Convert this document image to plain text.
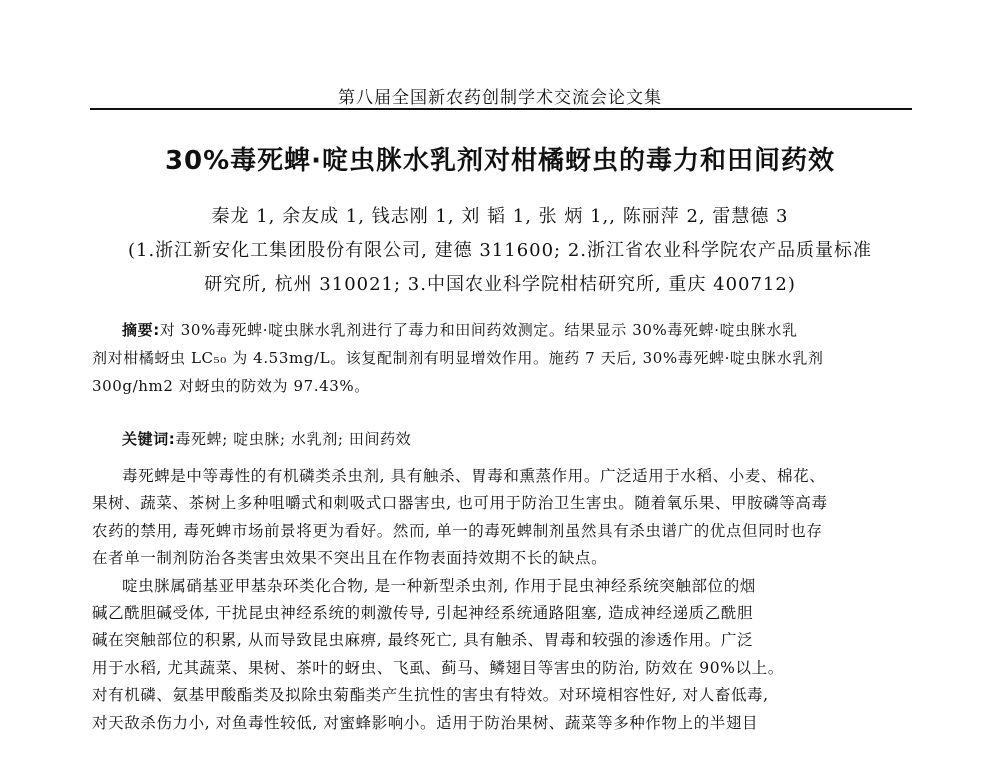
第八届全国新农药创制学术交流会论文集
30%毒死蜱·啶虫脒水乳剂对柑橘蚜虫的毒力和田间药效
秦龙 1, 余友成 1, 钱志刚 1, 刘 韬 1, 张 炳 1,, 陈丽萍 2, 雷慧德 3
(1.浙江新安化工集团股份有限公司, 建德 311600; 2.浙江省农业科学院农产品质量标准
研究所, 杭州 310021; 3.中国农业科学院柑桔研究所, 重庆 400712)
摘要:对 30%毒死蜱·啶虫脒水乳剂进行了毒力和田间药效测定。结果显示 30%毒死蜱·啶虫脒水乳
剂对柑橘蚜虫 LC₅₀ 为 4.53mg/L。该复配制剂有明显增效作用。施药 7 天后, 30%毒死蜱·啶虫脒水乳剂
300g/hm2 对蚜虫的防效为 97.43%。
关键词:毒死蜱; 啶虫脒; 水乳剂; 田间药效
毒死蜱是中等毒性的有机磷类杀虫剂, 具有触杀、胃毒和熏蒸作用。广泛适用于水稻、小麦、棉花、
果树、蔬菜、茶树上多种咀嚼式和刺吸式口器害虫, 也可用于防治卫生害虫。随着氧乐果、甲胺磷等高毒
农药的禁用, 毒死蜱市场前景将更为看好。然而, 单一的毒死蜱制剂虽然具有杀虫谱广的优点但同时也存
在者单一制剂防治各类害虫效果不突出且在作物表面持效期不长的缺点。
啶虫脒属硝基亚甲基杂环类化合物, 是一种新型杀虫剂, 作用于昆虫神经系统突触部位的烟
碱乙酰胆碱受体, 干扰昆虫神经系统的刺激传导, 引起神经系统通路阻塞, 造成神经递质乙酰胆
碱在突触部位的积累, 从而导致昆虫麻痹, 最终死亡, 具有触杀、胃毒和较强的渗透作用。广泛
用于水稻, 尤其蔬菜、果树、茶叶的蚜虫、飞虱、蓟马、鳞翅目等害虫的防治, 防效在 90%以上。
对有机磷、氨基甲酸酯类及拟除虫菊酯类产生抗性的害虫有特效。对环境相容性好, 对人畜低毒,
对天敌杀伤力小, 对鱼毒性较低, 对蜜蜂影响小。适用于防治果树、蔬菜等多种作物上的半翅目
